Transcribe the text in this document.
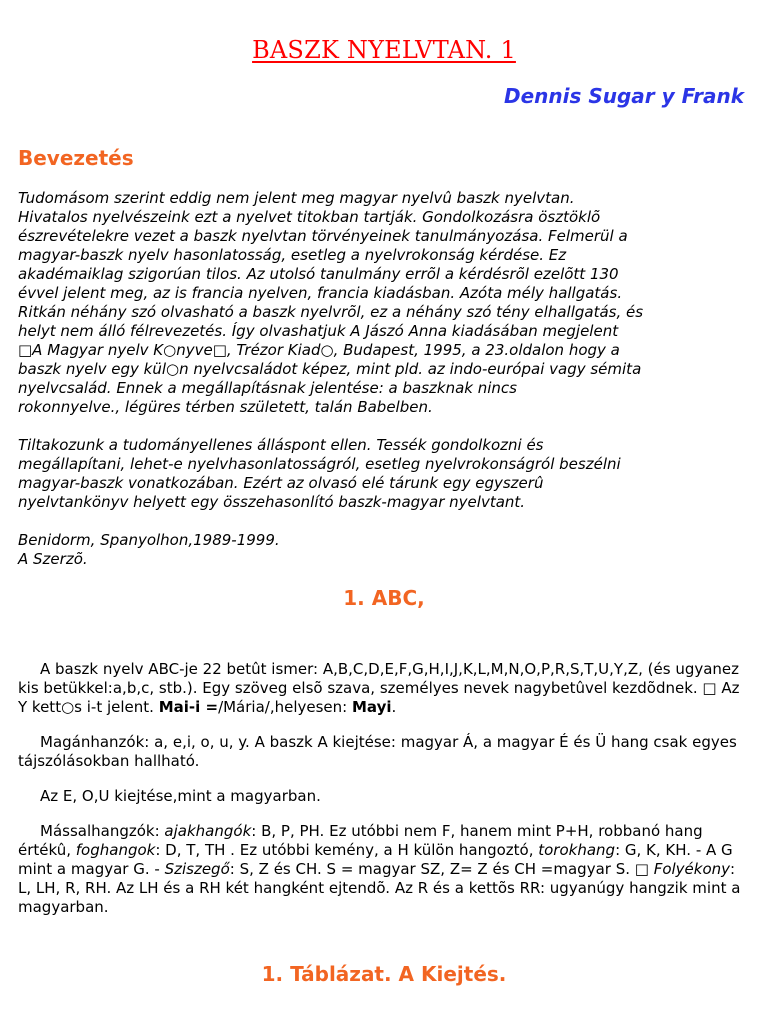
BASZK NYELVTAN. 1
Dennis Sugar y Frank
Bevezetés
Tudomásom szerint eddig nem jelent meg magyar nyelvû baszk nyelvtan.
Hivatalos nyelvészeink ezt a nyelvet titokban tartják. Gondolkozásra ösztöklõ
észrevételekre vezet a baszk nyelvtan törvényeinek tanulmányozása. Felmerül a
magyar-baszk nyelv hasonlatosság, esetleg a nyelvrokonság kérdése. Ez
akadémaiklag szigorúan tilos. Az utolsó tanulmány errõl a kérdésrõl ezelõtt 130
évvel jelent meg, az is francia nyelven, francia kiadásban. Azóta mély hallgatás.
Ritkán néhány szó olvasható a baszk nyelvrõl, ez a néhány szó tény elhallgatás, és
helyt nem álló félrevezetés. Így olvashatjuk A Jászó Anna kiadásában megjelent
□A Magyar nyelv K○nyve□, Trézor Kiad○, Budapest, 1995, a 23.oldalon hogy a
baszk nyelv egy kül○n nyelvcsaládot képez, mint pld. az indo-európai vagy sémita
nyelvcsalád. Ennek a megállapításnak jelentése: a baszknak nincs
rokonnyelve., légüres térben született, talán Babelben.

Tiltakozunk a tudományellenes álláspont ellen. Tessék gondolkozni és
megállapítani, lehet-e nyelvhasonlatosságról, esetleg nyelvrokonságról beszélni
magyar-baszk vonatkozában. Ezért az olvasó elé tárunk egy egyszerû
nyelvtankönyv helyett egy összehasonlító baszk-magyar nyelvtant.

Benidorm, Spanyolhon,1989-1999.
A Szerzõ.
1. ABC,

A baszk nyelv ABC-je 22 betût ismer: A,B,C,D,E,F,G,H,I,J,K,L,M,N,O,P,R,S,T,U,Y,Z, (és ugyanez kis betükkel:a,b,c, stb.). Egy szöveg elsõ szava, személyes nevek nagybetûvel kezdõdnek. □ Az Y kett○s i-t jelent. Mai-i =/Mária/,helyesen: Mayi.

Magánhanzók: a, e,i, o, u, y. A baszk A kiejtése: magyar Á, a magyar É és Ü hang csak egyes tájszólásokban hallható.

Az E, O,U kiejtése,mint a magyarban.

Mássalhangzók: ajakhangók: B, P, PH. Ez utóbbi nem F, hanem mint P+H, robbanó hang értékû, foghangok: D, T, TH . Ez utóbbi kemény, a H külön hangoztó, torokhang: G, K, KH. - A G mint a magyar G. - Sziszegő: S, Z és CH. S = magyar SZ, Z= Z és CH =magyar S. □ Folyékony: L, LH, R, RH. Az LH és a RH két hangként ejtendõ. Az R és a kettõs RR: ugyanúgy hangzik mint a magyarban.

1. Táblázat. A Kiejtés.
